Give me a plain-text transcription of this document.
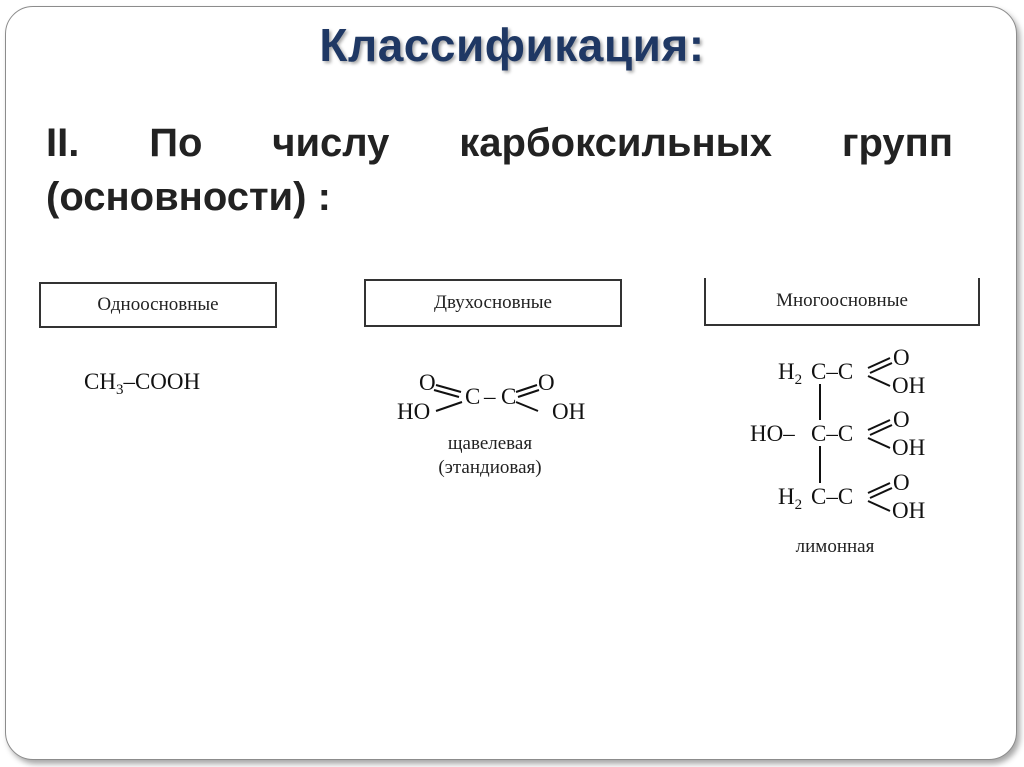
Классификация:
II. По числу карбоксильных групп
(основности) :
Одноосновные
$CH_3$–COOH
Двухосновные
O	O
C – C
HO	OH
щавелевая
(этандиовая)
Многоосновные
$H_2$ C–C
O
OH
HO– C–C
O
OH
$H_2$ C–C
O
OH
лимонная
